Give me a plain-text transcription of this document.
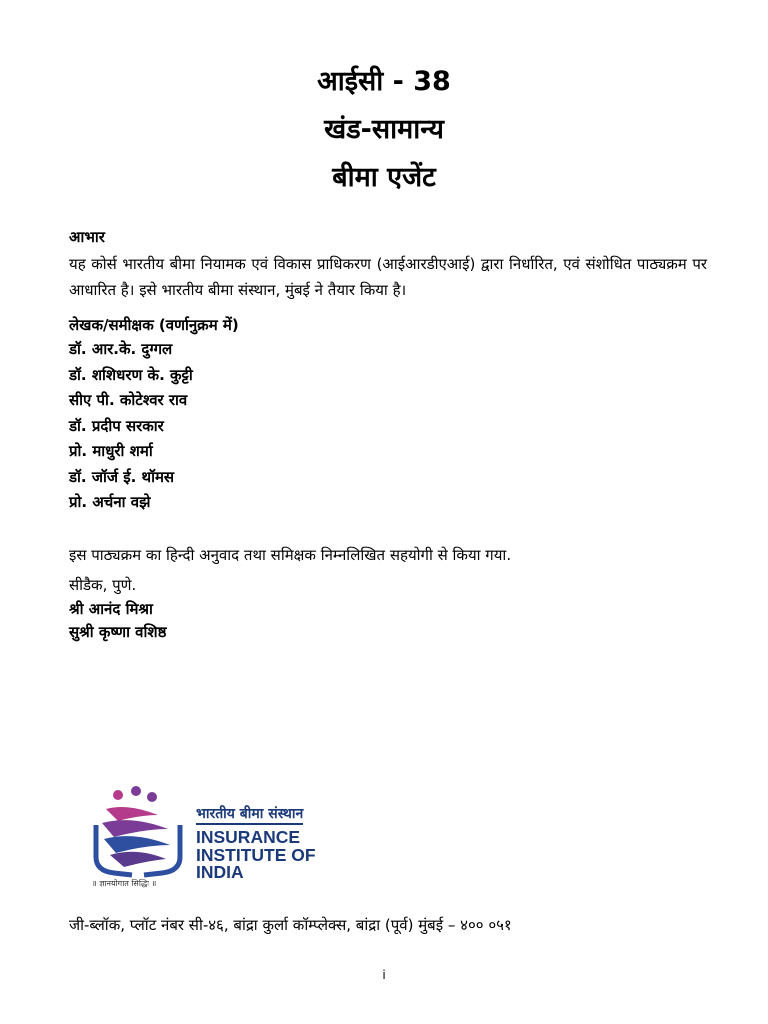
आईसी - 38
खंड-सामान्य
बीमा एजेंट
आभार
यह कोर्स भारतीय बीमा नियामक एवं विकास प्राधिकरण (आईआरडीएआई) द्वारा निर्धारित, एवं संशोधित पाठ्यक्रम पर आधारित है। इसे भारतीय बीमा संस्थान, मुंबई ने तैयार किया है।
लेखक/समीक्षक (वर्णानुक्रम में)
डॉ. आर.के. दुग्गल
डॉ. शशिधरण के. कुट्टी
सीए पी. कोटेश्वर राव
डॉ. प्रदीप सरकार
प्रो. माधुरी शर्मा
डॉ. जॉर्ज ई. थॉमस
प्रो. अर्चना वझे
इस पाठ्यक्रम का हिन्दी अनुवाद तथा समिक्षक निम्नलिखित सहयोगी से किया गया.
सीडैक, पुणे.
श्री आनंद मिश्रा
सुश्री कृष्णा वशिष्ठ
भारतीय बीमा संस्थान
INSURANCE
INSTITUTE OF
INDIA
॥ ज्ञानयोगात सिद्धिः ॥
जी-ब्लॉक, प्लॉट नंबर सी-४६, बांद्रा कुर्ला कॉम्प्लेक्स, बांद्रा (पूर्व) मुंबई – ४०० ०५१
i
